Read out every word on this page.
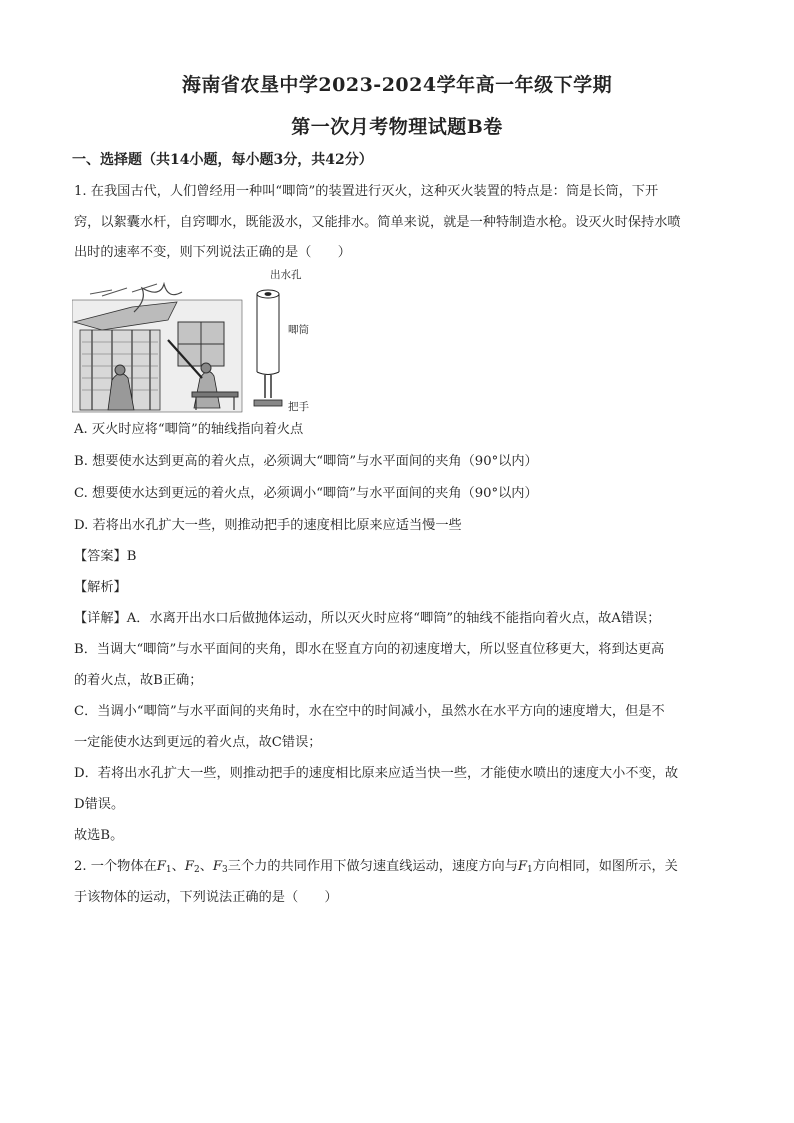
海南省农垦中学2023-2024学年高一年级下学期
第一次月考物理试题B卷
一、选择题（共14小题，每小题3分，共42分）
1. 在我国古代，人们曾经用一种叫“唧筒”的装置进行灭火，这种灭火装置的特点是：筒是长筒，下开
窍，以絮囊水杆，自窍唧水，既能汲水，又能排水。简单来说，就是一种特制造水枪。设灭火时保持水喷
出时的速率不变，则下列说法正确的是（　　）
出水孔
唧筒
把手
A. 灭火时应将“唧筒”的轴线指向着火点
B. 想要使水达到更高的着火点，必须调大“唧筒”与水平面间的夹角（90°以内）
C. 想要使水达到更远的着火点，必须调小“唧筒”与水平面间的夹角（90°以内）
D. 若将出水孔扩大一些，则推动把手的速度相比原来应适当慢一些
【答案】B
【解析】
【详解】A．水离开出水口后做抛体运动，所以灭火时应将“唧筒”的轴线不能指向着火点，故A错误；
B．当调大“唧筒”与水平面间的夹角，即水在竖直方向的初速度增大，所以竖直位移更大，将到达更高
的着火点，故B正确；
C．当调小“唧筒”与水平面间的夹角时，水在空中的时间减小，虽然水在水平方向的速度增大，但是不
一定能使水达到更远的着火点，故C错误；
D．若将出水孔扩大一些，则推动把手的速度相比原来应适当快一些，才能使水喷出的速度大小不变，故
D错误。
故选B。
2. 一个物体在$F_1$、$F_2$、$F_3$三个力的共同作用下做匀速直线运动，速度方向与$F_1$方向相同，如图所示，关
于该物体的运动，下列说法正确的是（　　）
